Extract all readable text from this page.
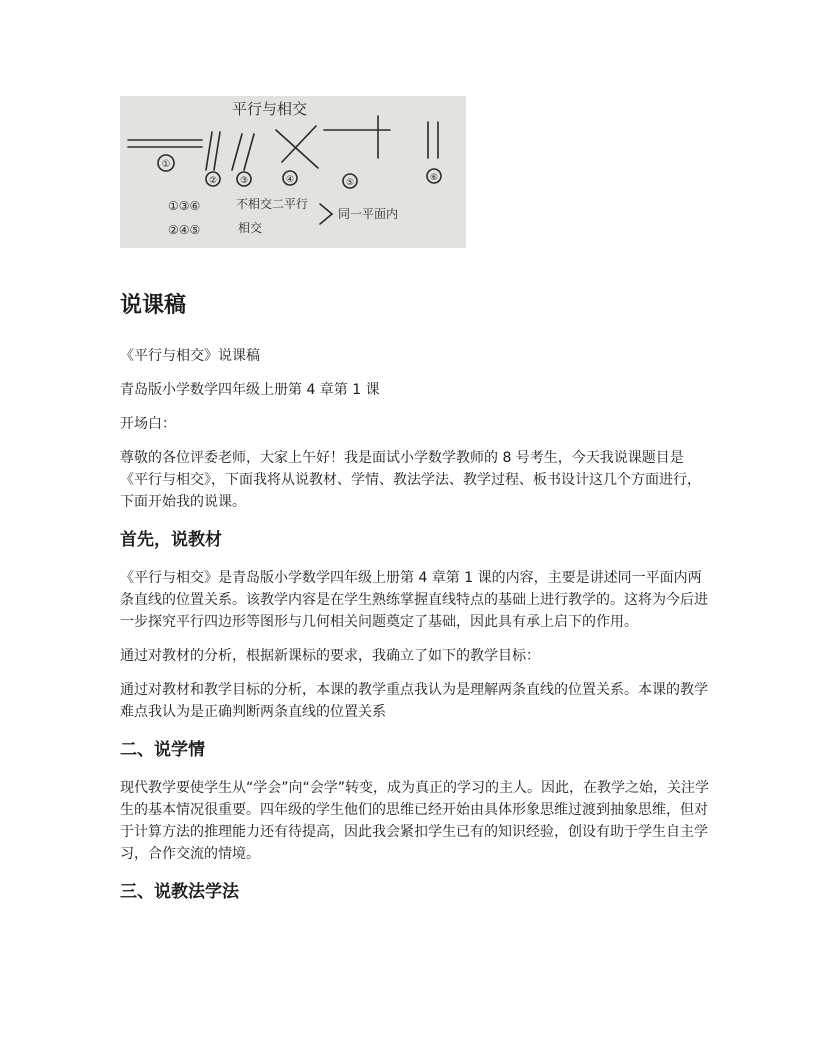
平行与相交
①
②	③	④	⑤	⑥
①③⑥	不相交二平行
②④⑤	相交
同一平面内
说课稿

《平行与相交》说课稿

青岛版小学数学四年级上册第 4 章第 1 课

开场白：

尊敬的各位评委老师，大家上午好！我是面试小学数学教师的 8 号考生，今天我说课题目是《平行与相交》，下面我将从说教材、学情、教法学法、教学过程、板书设计这几个方面进行，下面开始我的说课。

首先，说教材

《平行与相交》是青岛版小学数学四年级上册第 4 章第 1 课的内容，主要是讲述同一平面内两条直线的位置关系。该教学内容是在学生熟练掌握直线特点的基础上进行教学的。这将为今后进一步探究平行四边形等图形与几何相关问题奠定了基础，因此具有承上启下的作用。

通过对教材的分析，根据新课标的要求，我确立了如下的教学目标：

通过对教材和教学目标的分析，本课的教学重点我认为是理解两条直线的位置关系。本课的教学难点我认为是正确判断两条直线的位置关系

二、说学情

现代教学要使学生从“学会”向“会学”转变，成为真正的学习的主人。因此，在教学之始，关注学生的基本情况很重要。四年级的学生他们的思维已经开始由具体形象思维过渡到抽象思维，但对于计算方法的推理能力还有待提高，因此我会紧扣学生已有的知识经验，创设有助于学生自主学习，合作交流的情境。

三、说教法学法
